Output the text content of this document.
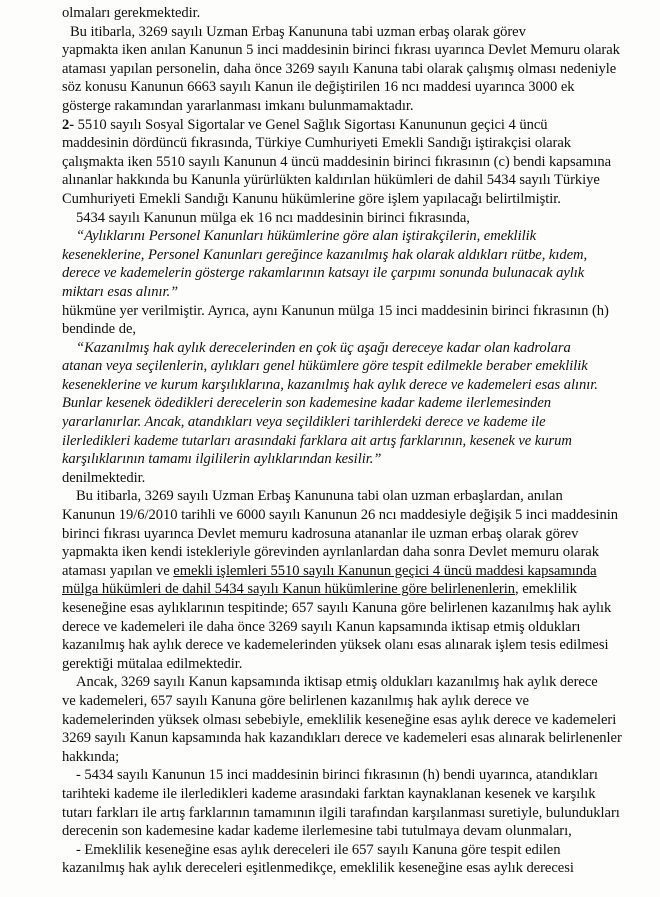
olmaları gerekmektedir.
Bu itibarla, 3269 sayılı Uzman Erbaş Kanununa tabi uzman erbaş olarak görev
yapmakta iken anılan Kanunun 5 inci maddesinin birinci fıkrası uyarınca Devlet Memuru olarak
ataması yapılan personelin, daha önce 3269 sayılı Kanuna tabi olarak çalışmış olması nedeniyle
söz konusu Kanunun 6663 sayılı Kanun ile değiştirilen 16 ncı maddesi uyarınca 3000 ek
gösterge rakamından yararlanması imkanı bulunmamaktadır.
2- 5510 sayılı Sosyal Sigortalar ve Genel Sağlık Sigortası Kanununun geçici 4 üncü
maddesinin dördüncü fıkrasında, Türkiye Cumhuriyeti Emekli Sandığı iştirakçisi olarak
çalışmakta iken 5510 sayılı Kanunun 4 üncü maddesinin birinci fıkrasının (c) bendi kapsamına
alınanlar hakkında bu Kanunla yürürlükten kaldırılan hükümleri de dahil 5434 sayılı Türkiye
Cumhuriyeti Emekli Sandığı Kanunu hükümlerine göre işlem yapılacağı belirtilmiştir.
5434 sayılı Kanunun mülga ek 16 ncı maddesinin birinci fıkrasında,
“Aylıklarını Personel Kanunları hükümlerine göre alan iştirakçilerin, emeklilik
keseneklerine, Personel Kanunları gereğince kazanılmış hak olarak aldıkları rütbe, kıdem,
derece ve kademelerin gösterge rakamlarının katsayı ile çarpımı sonunda bulunacak aylık
miktarı esas alınır.”
hükmüne yer verilmiştir. Ayrıca, aynı Kanunun mülga 15 inci maddesinin birinci fıkrasının (h)
bendinde de,
“Kazanılmış hak aylık derecelerinden en çok üç aşağı dereceye kadar olan kadrolara
atanan veya seçilenlerin, aylıkları genel hükümlere göre tespit edilmekle beraber emeklilik
keseneklerine ve kurum karşılıklarına, kazanılmış hak aylık derece ve kademeleri esas alınır.
Bunlar kesenek ödedikleri derecelerin son kademesine kadar kademe ilerlemesinden
yararlanırlar. Ancak, atandıkları veya seçildikleri tarihlerdeki derece ve kademe ile
ilerledikleri kademe tutarları arasındaki farklara ait artış farklarının, kesenek ve kurum
karşılıklarının tamamı ilgililerin aylıklarından kesilir.”
denilmektedir.
Bu itibarla, 3269 sayılı Uzman Erbaş Kanununa tabi olan uzman erbaşlardan, anılan
Kanunun 19/6/2010 tarihli ve 6000 sayılı Kanunun 26 ncı maddesiyle değişik 5 inci maddesinin
birinci fıkrası uyarınca Devlet memuru kadrosuna atananlar ile uzman erbaş olarak görev
yapmakta iken kendi istekleriyle görevinden ayrılanlardan daha sonra Devlet memuru olarak
ataması yapılan ve emekli işlemleri 5510 sayılı Kanunun geçici 4 üncü maddesi kapsamında
mülga hükümleri de dahil 5434 sayılı Kanun hükümlerine göre belirlenenlerin, emeklilik
keseneğine esas aylıklarının tespitinde; 657 sayılı Kanuna göre belirlenen kazanılmış hak aylık
derece ve kademeleri ile daha önce 3269 sayılı Kanun kapsamında iktisap etmiş oldukları
kazanılmış hak aylık derece ve kademelerinden yüksek olanı esas alınarak işlem tesis edilmesi
gerektiği mütalaa edilmektedir.
Ancak, 3269 sayılı Kanun kapsamında iktisap etmiş oldukları kazanılmış hak aylık derece
ve kademeleri, 657 sayılı Kanuna göre belirlenen kazanılmış hak aylık derece ve
kademelerinden yüksek olması sebebiyle, emeklilik keseneğine esas aylık derece ve kademeleri
3269 sayılı Kanun kapsamında hak kazandıkları derece ve kademeleri esas alınarak belirlenenler
hakkında;
- 5434 sayılı Kanunun 15 inci maddesinin birinci fıkrasının (h) bendi uyarınca, atandıkları
tarihteki kademe ile ilerledikleri kademe arasındaki farktan kaynaklanan kesenek ve karşılık
tutarı farkları ile artış farklarının tamamının ilgili tarafından karşılanması suretiyle, bulundukları
derecenin son kademesine kadar kademe ilerlemesine tabi tutulmaya devam olunmaları,
- Emeklilik keseneğine esas aylık dereceleri ile 657 sayılı Kanuna göre tespit edilen
kazanılmış hak aylık dereceleri eşitlenmedikçe, emeklilik keseneğine esas aylık derecesi
